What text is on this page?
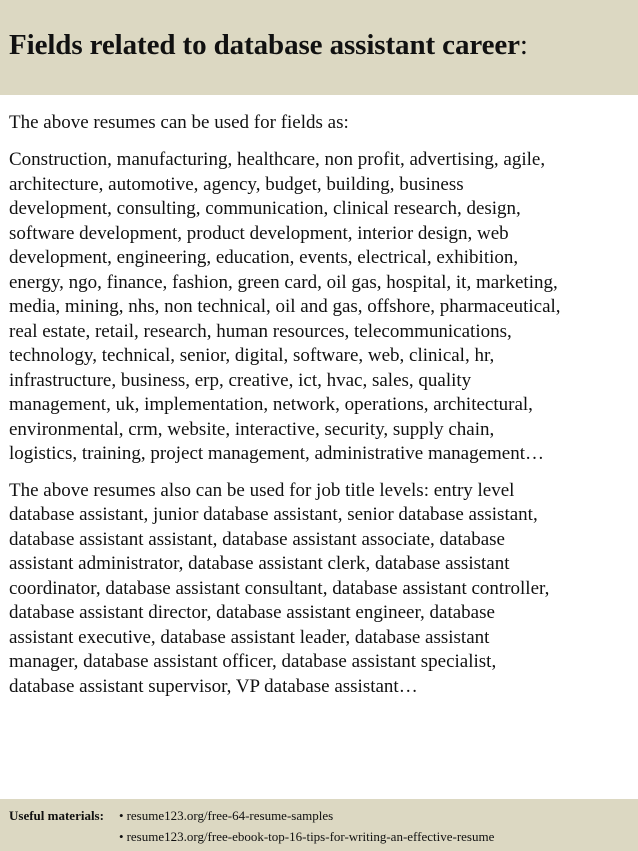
Fields related to database assistant career:
The above resumes can be used for fields as:
Construction, manufacturing, healthcare, non profit, advertising, agile,
architecture, automotive, agency, budget, building, business
development, consulting, communication, clinical research, design,
software development, product development, interior design, web
development, engineering, education, events, electrical, exhibition,
energy, ngo, finance, fashion, green card, oil gas, hospital, it, marketing,
media, mining, nhs, non technical, oil and gas, offshore, pharmaceutical,
real estate, retail, research, human resources, telecommunications,
technology, technical, senior, digital, software, web, clinical, hr,
infrastructure, business, erp, creative, ict, hvac, sales, quality
management, uk, implementation, network, operations, architectural,
environmental, crm, website, interactive, security, supply chain,
logistics, training, project management, administrative management…
The above resumes also can be used for job title levels: entry level
database assistant, junior database assistant, senior database assistant,
database assistant assistant, database assistant associate, database
assistant administrator, database assistant clerk, database assistant
coordinator, database assistant consultant, database assistant controller,
database assistant director, database assistant engineer, database
assistant executive, database assistant leader, database assistant
manager, database assistant officer, database assistant specialist,
database assistant supervisor, VP database assistant…
Useful materials:	• resume123.org/free-64-resume-samples
• resume123.org/free-ebook-top-16-tips-for-writing-an-effective-resume
